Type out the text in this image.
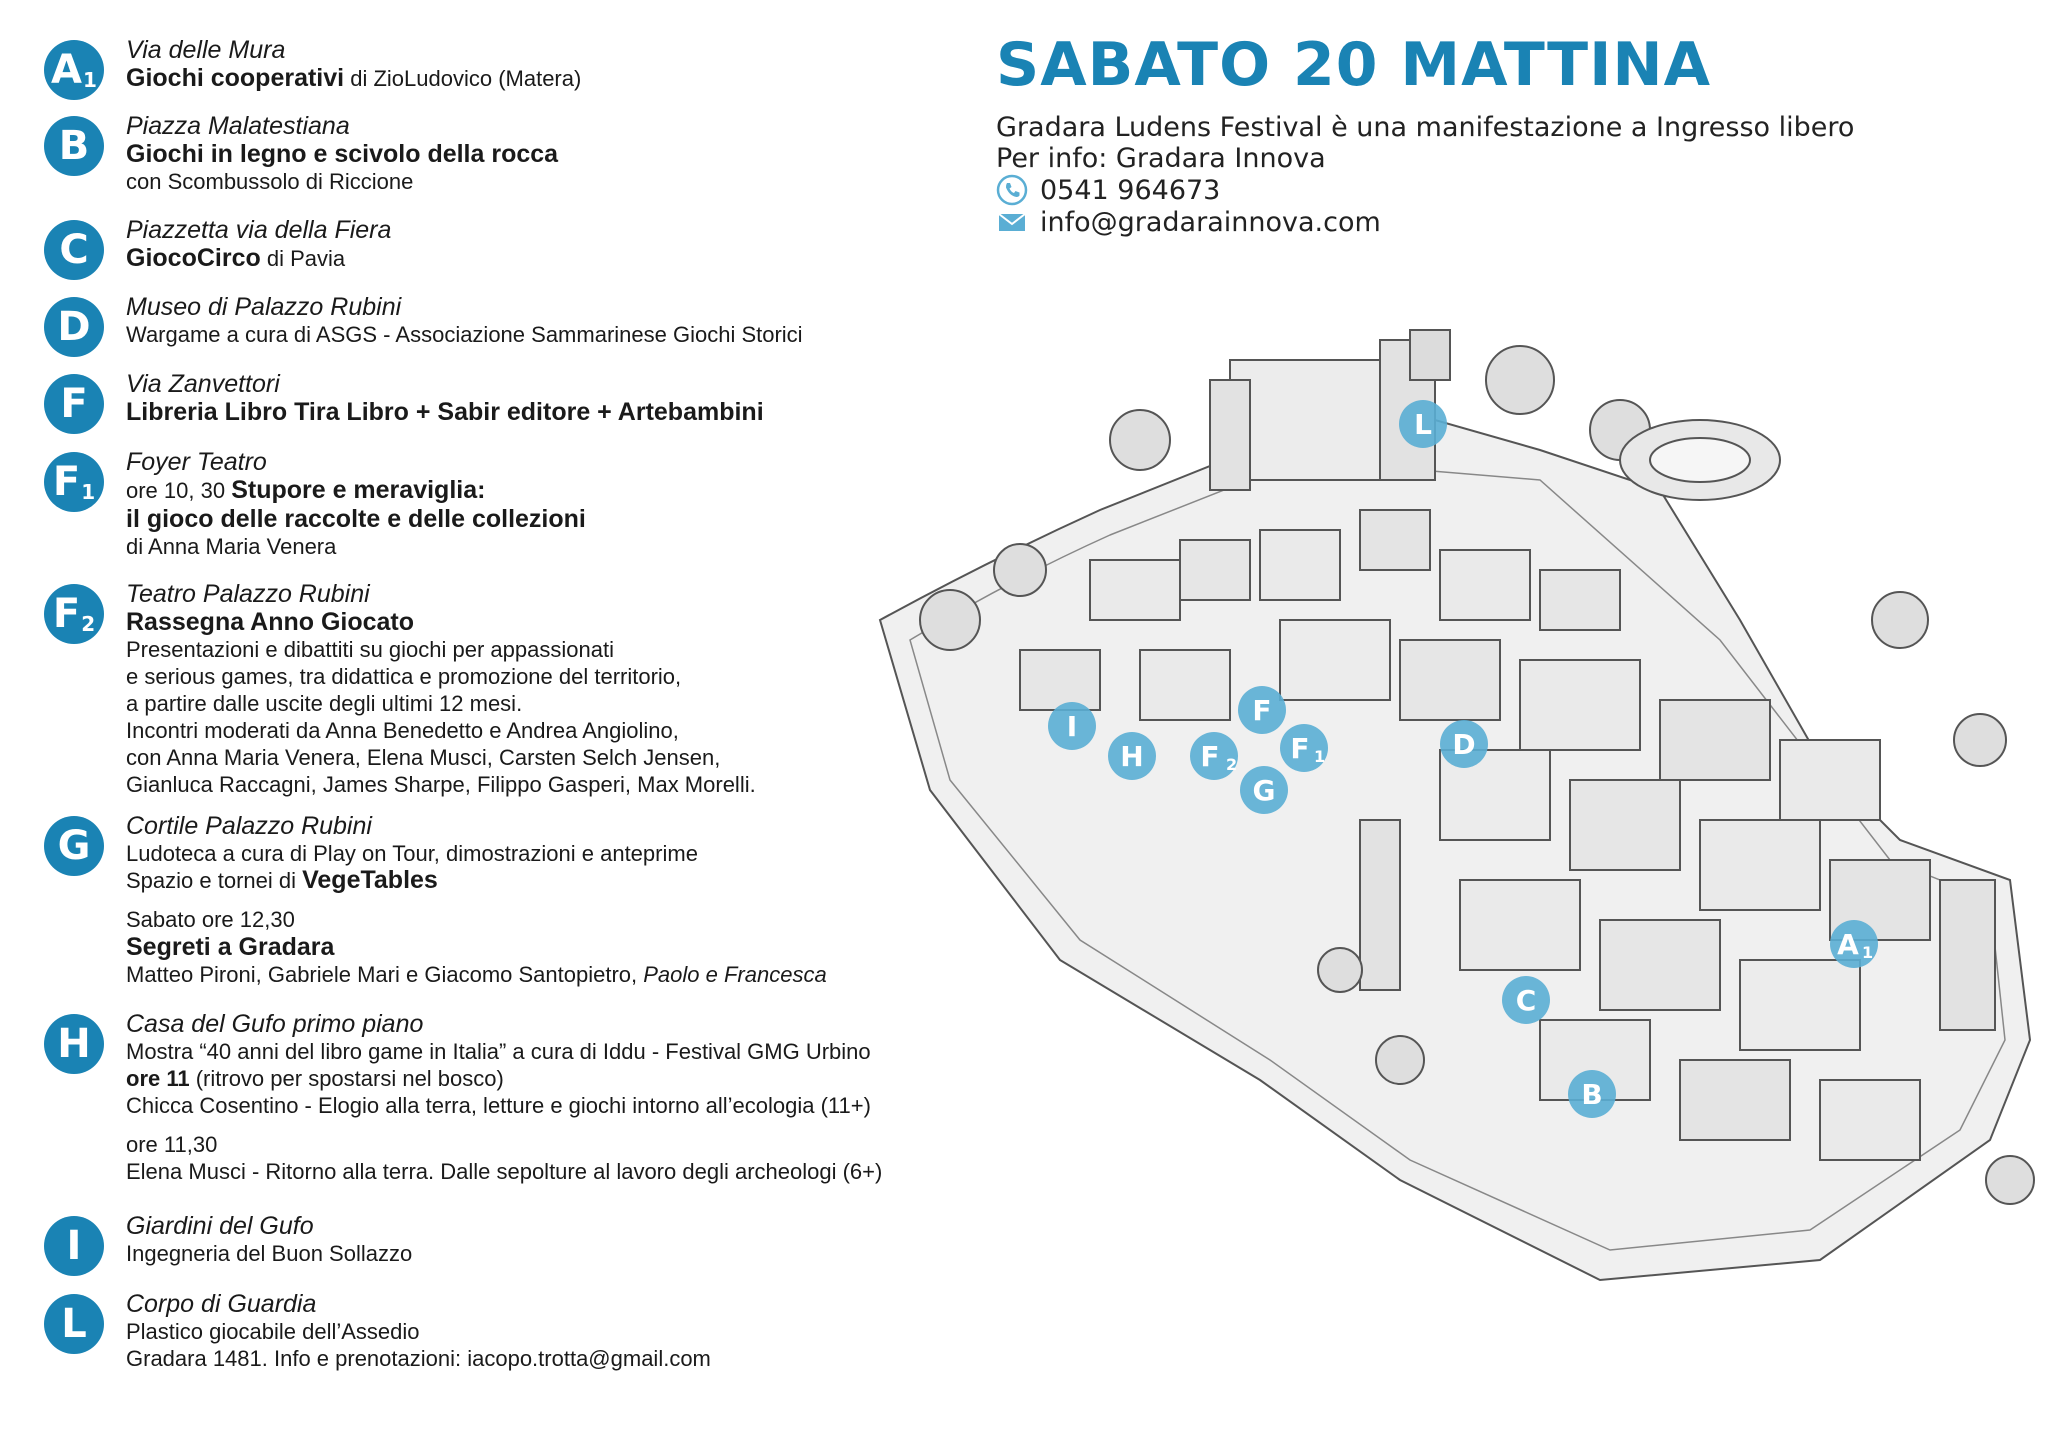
$A_1$
Via delle Mura
Giochi cooperativi di ZioLudovico (Matera)
B Piazza Malatestiana
Giochi in legno e scivolo della rocca
con Scombussolo di Riccione
C Piazzetta via della Fiera
GiocoCirco di Pavia
D Museo di Palazzo Rubini
Wargame a cura di ASGS - Associazione Sammarinese Giochi Storici
F Via Zanvettori
Libreria Libro Tira Libro + Sabir editore + Artebambini
$F_1$
Foyer Teatro
ore 10, 30 Stupore e meraviglia:
il gioco delle raccolte e delle collezioni
di Anna Maria Venera
$F_2$
Teatro Palazzo Rubini
Rassegna Anno Giocato
Presentazioni e dibattiti su giochi per appassionati
e serious games, tra didattica e promozione del territorio,
a partire dalle uscite degli ultimi 12 mesi.
Incontri moderati da Anna Benedetto e Andrea Angiolino,
con Anna Maria Venera, Elena Musci, Carsten Selch Jensen,
Gianluca Raccagni, James Sharpe, Filippo Gasperi, Max Morelli.
G Cortile Palazzo Rubini
Ludoteca a cura di Play on Tour, dimostrazioni e anteprime
Spazio e tornei di VegeTables
Sabato ore 12,30
Segreti a Gradara
Matteo Pironi, Gabriele Mari e Giacomo Santopietro, Paolo e Francesca
H Casa del Gufo primo piano
Mostra “40 anni del libro game in Italia” a cura di Iddu - Festival GMG Urbino
ore 11 (ritrovo per spostarsi nel bosco)
Chicca Cosentino - Elogio alla terra, letture e giochi intorno all’ecologia (11+)
ore 11,30
Elena Musci - Ritorno alla terra. Dalle sepolture al lavoro degli archeologi (6+)
I Giardini del Gufo
Ingegneria del Buon Sollazzo
L Corpo di Guardia
Plastico giocabile dell’Assedio
Gradara 1481. Info e prenotazioni: iacopo.trotta@gmail.com
SABATO 20 MATTINA
Gradara Ludens Festival è una manifestazione a Ingresso libero
Per info: Gradara Innova
0541 964673
info@gradarainnova.com
L
I
H
F
F 2 F 1
G
D
A 1
C
B
